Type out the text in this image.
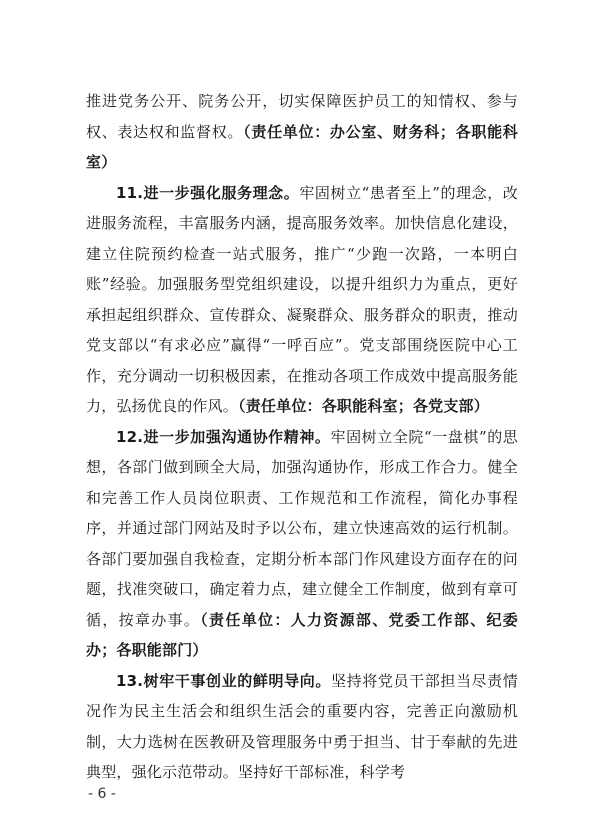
推进党务公开、院务公开，切实保障医护员工的知情权、参与权、表达权和监督权。（责任单位：办公室、财务科；各职能科室）

11.进一步强化服务理念。牢固树立“患者至上”的理念，改进服务流程，丰富服务内涵，提高服务效率。加快信息化建设，建立住院预约检查一站式服务，推广“少跑一次路，一本明白账”经验。加强服务型党组织建设，以提升组织力为重点，更好承担起组织群众、宣传群众、凝聚群众、服务群众的职责，推动党支部以“有求必应”赢得“一呼百应”。党支部围绕医院中心工作，充分调动一切积极因素，在推动各项工作成效中提高服务能力，弘扬优良的作风。（责任单位：各职能科室；各党支部）

12.进一步加强沟通协作精神。牢固树立全院“一盘棋”的思想，各部门做到顾全大局，加强沟通协作，形成工作合力。健全和完善工作人员岗位职责、工作规范和工作流程，简化办事程序，并通过部门网站及时予以公布，建立快速高效的运行机制。各部门要加强自我检查，定期分析本部门作风建设方面存在的问题，找准突破口，确定着力点，建立健全工作制度，做到有章可循，按章办事。（责任单位：人力资源部、党委工作部、纪委办；各职能部门）

13.树牢干事创业的鲜明导向。坚持将党员干部担当尽责情况作为民主生活会和组织生活会的重要内容，完善正向激励机制，大力选树在医教研及管理服务中勇于担当、甘于奉献的先进典型，强化示范带动。坚持好干部标准，科学考

- 6 -
